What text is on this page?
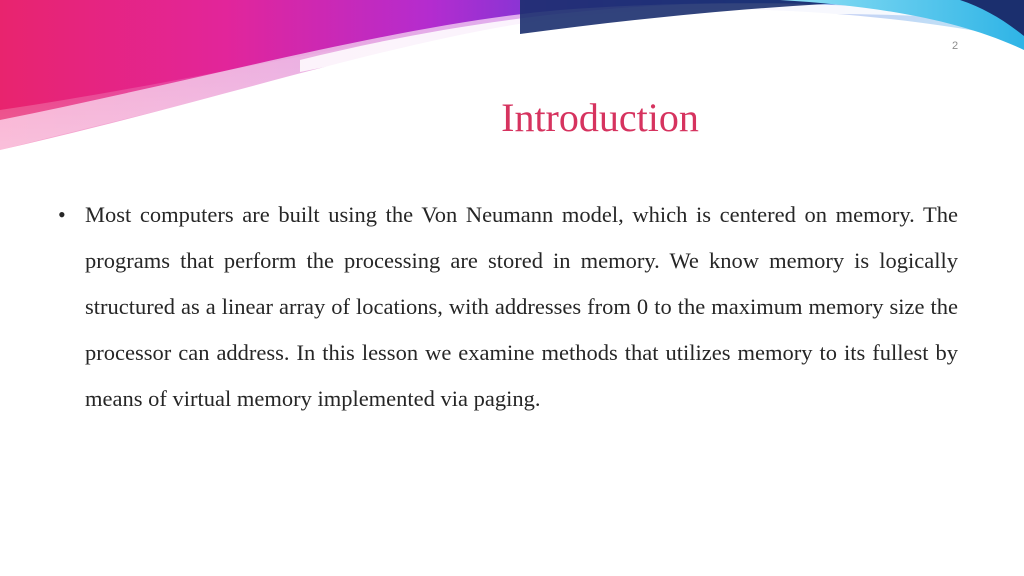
2
Introduction
• Most computers are built using the Von Neumann model, which is centered on memory. The programs that perform the processing are stored in memory. We know memory is logically structured as a linear array of locations, with addresses from 0 to the maximum memory size the processor can address. In this lesson we examine methods that utilizes memory to its fullest by means of virtual memory implemented via paging.
